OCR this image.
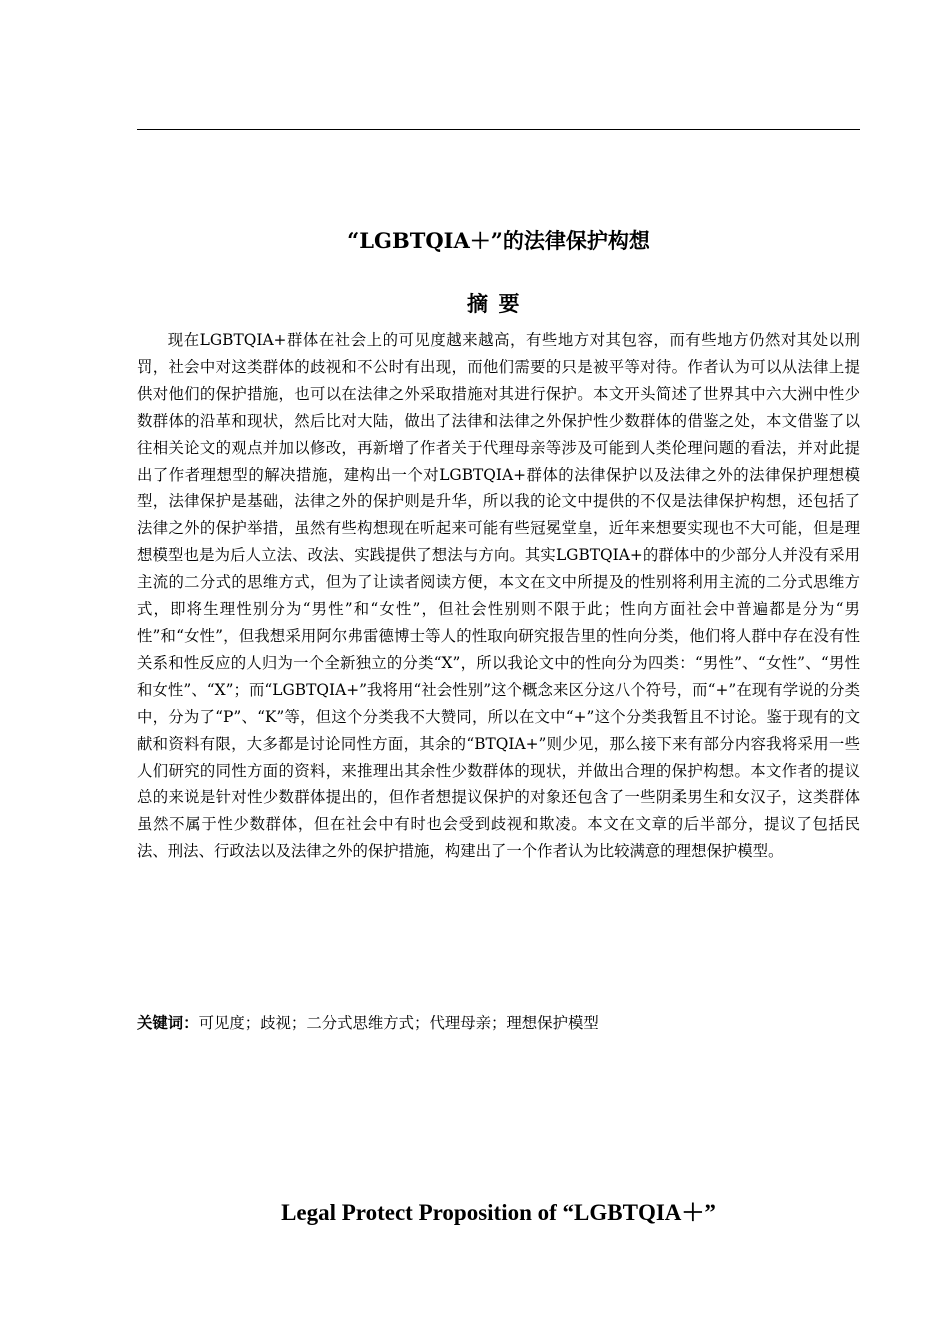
“LGBTQIA＋”的法律保护构想
摘要

现在LGBTQIA+群体在社会上的可见度越来越高，有些地方对其包容，而有些地方仍然对其处以刑罚，社会中对这类群体的歧视和不公时有出现，而他们需要的只是被平等对待。作者认为可以从法律上提供对他们的保护措施，也可以在法律之外采取措施对其进行保护。本文开头简述了世界其中六大洲中性少数群体的沿革和现状，然后比对大陆，做出了法律和法律之外保护性少数群体的借鉴之处，本文借鉴了以往相关论文的观点并加以修改，再新增了作者关于代理母亲等涉及可能到人类伦理问题的看法，并对此提出了作者理想型的解决措施，建构出一个对LGBTQIA+群体的法律保护以及法律之外的法律保护理想模型，法律保护是基础，法律之外的保护则是升华，所以我的论文中提供的不仅是法律保护构想，还包括了法律之外的保护举措，虽然有些构想现在听起来可能有些冠冕堂皇，近年来想要实现也不大可能，但是理想模型也是为后人立法、改法、实践提供了想法与方向。其实LGBTQIA+的群体中的少部分人并没有采用主流的二分式的思维方式，但为了让读者阅读方便，本文在文中所提及的性别将利用主流的二分式思维方式，即将生理性别分为“男性”和“女性”，但社会性别则不限于此；性向方面社会中普遍都是分为“男性”和“女性”，但我想采用阿尔弗雷德博士等人的性取向研究报告里的性向分类，他们将人群中存在没有性关系和性反应的人归为一个全新独立的分类“X”，所以我论文中的性向分为四类：“男性”、“女性”、“男性和女性”、“X”；而“LGBTQIA+”我将用“社会性别”这个概念来区分这八个符号，而“+”在现有学说的分类中，分为了“P”、“K”等，但这个分类我不大赞同，所以在文中“+”这个分类我暂且不讨论。鉴于现有的文献和资料有限，大多都是讨论同性方面，其余的“BTQIA+”则少见，那么接下来有部分内容我将采用一些人们研究的同性方面的资料，来推理出其余性少数群体的现状，并做出合理的保护构想。本文作者的提议总的来说是针对性少数群体提出的，但作者想提议保护的对象还包含了一些阴柔男生和女汉子，这类群体虽然不属于性少数群体，但在社会中有时也会受到歧视和欺凌。本文在文章的后半部分，提议了包括民法、刑法、行政法以及法律之外的保护措施，构建出了一个作者认为比较满意的理想保护模型。

关键词：可见度；歧视；二分式思维方式；代理母亲；理想保护模型
Legal Protect Proposition of “LGBTQIA＋”
